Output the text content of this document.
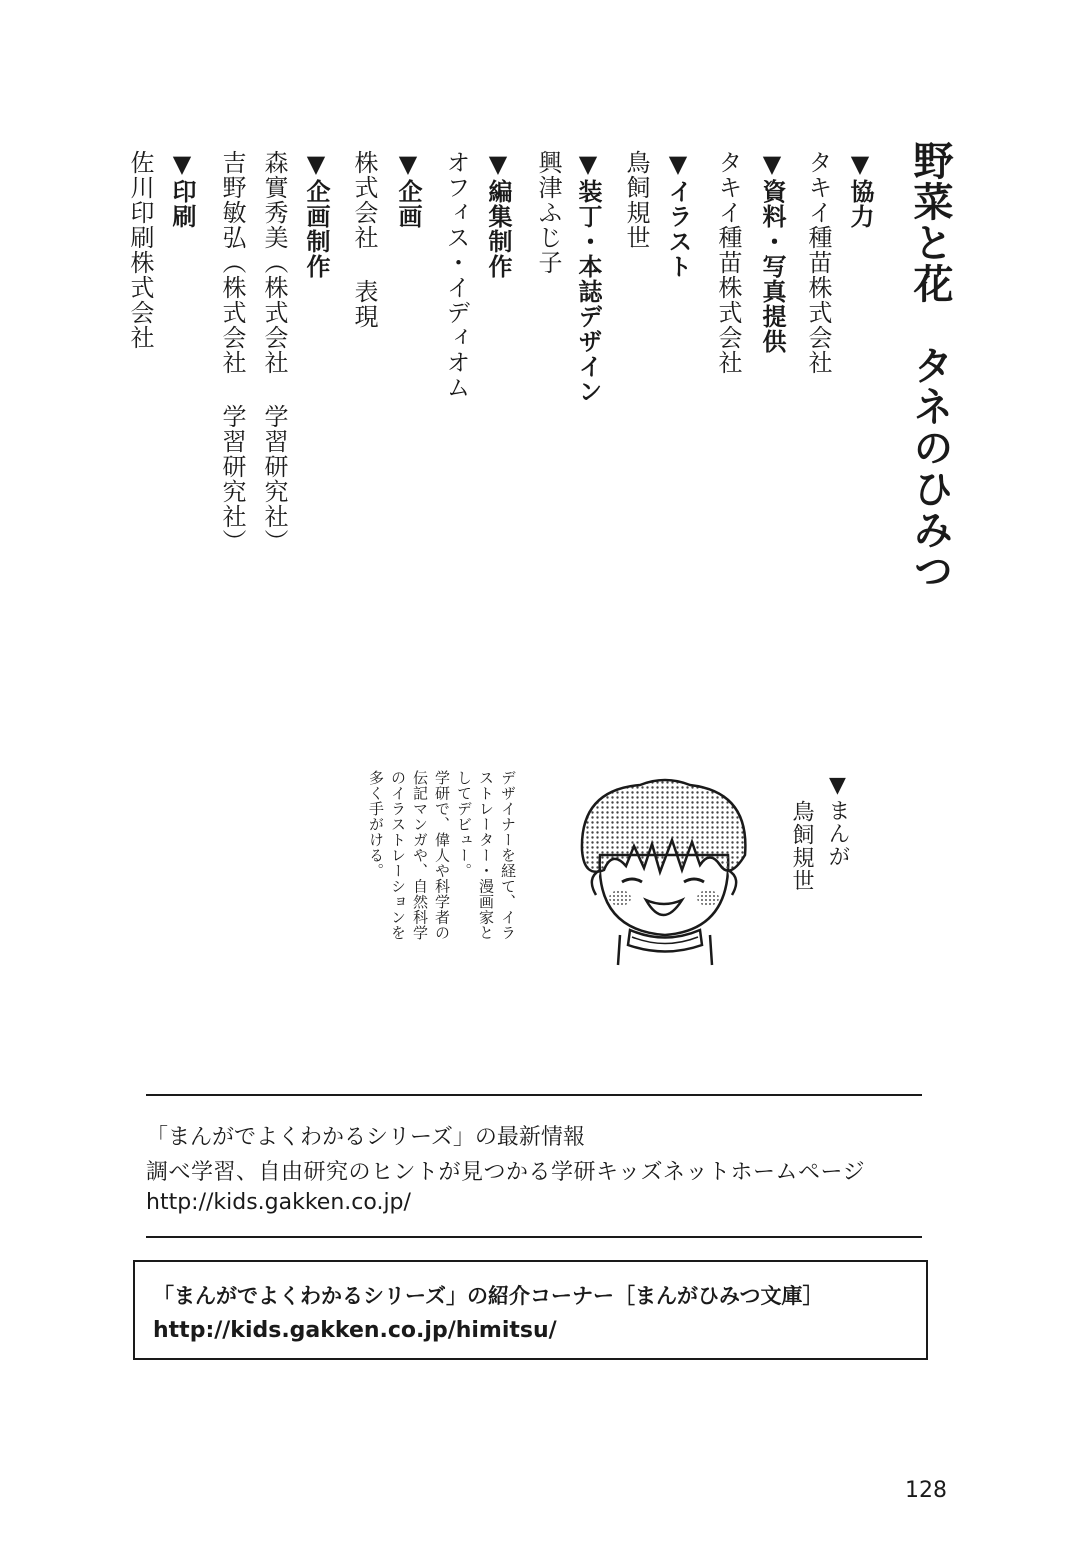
野菜と花　タネのひみつ
▼協力
タキイ種苗株式会社
▼資料・写真提供
タキイ種苗株式会社
▼イラスト
鳥飼規世
▼装丁・本誌デザイン
興津ふじ子
▼編集制作
オフィス・イディオム
▼企画
株式会社 表現
▼企画制作
森實秀美（株式会社 学習研究社）
吉野敏弘（株式会社 学習研究社）
▼印刷
佐川印刷株式会社
▼まんが
鳥飼規世
デザイナーを経て、イラ
ストレーター・漫画家と
してデビュー。
学研で、偉人や科学者の
伝記マンガや、自然科学
のイラストレーションを
多く手がける。
「まんがでよくわかるシリーズ」の最新情報
調べ学習、自由研究のヒントが見つかる学研キッズネットホームページ
http://kids.gakken.co.jp/
「まんがでよくわかるシリーズ」の紹介コーナー［まんがひみつ文庫］
http://kids.gakken.co.jp/himitsu/
128
